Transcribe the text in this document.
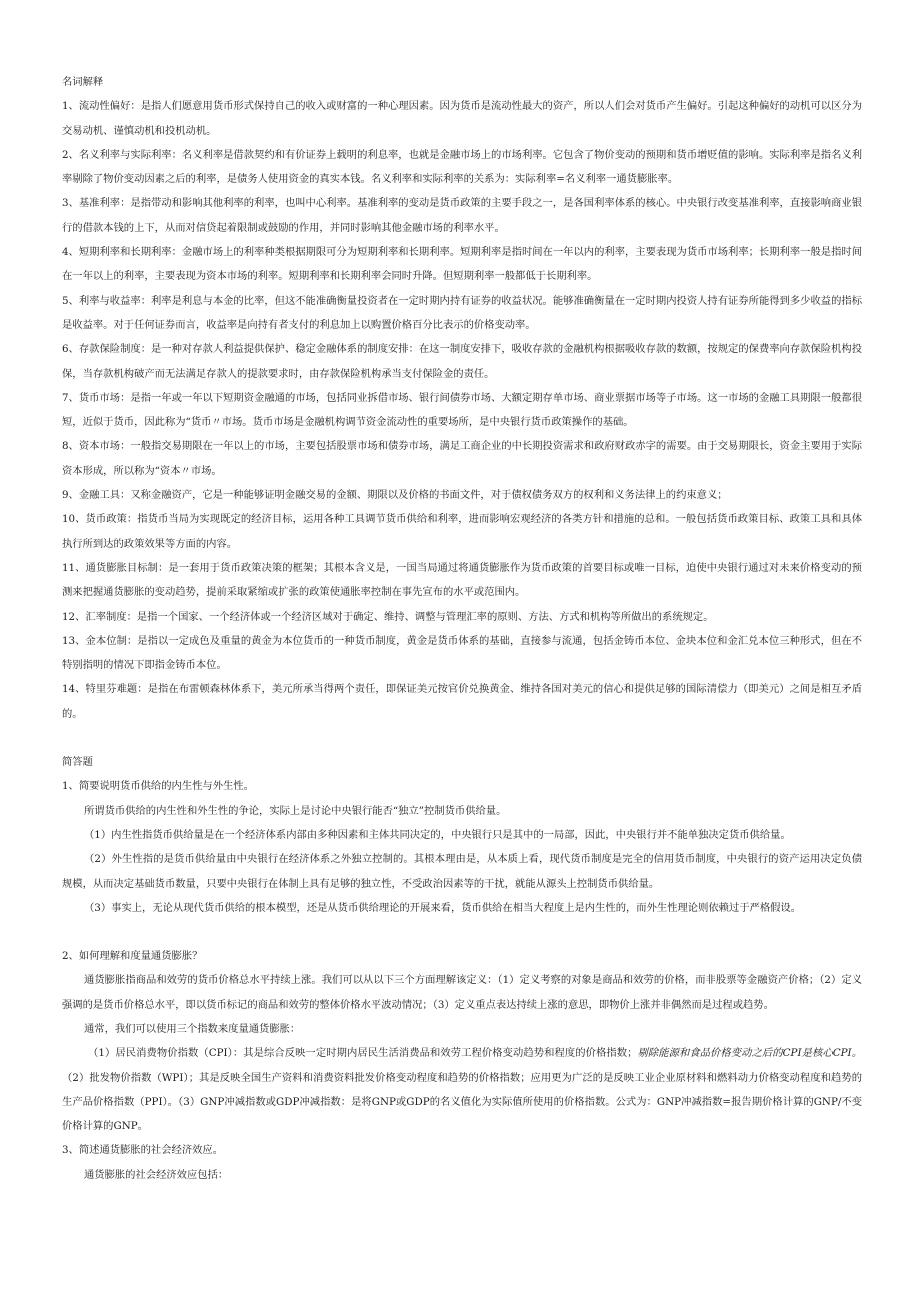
名词解释

1、流动性偏好：是指人们愿意用货币形式保持自己的收入或财富的一种心理因素。因为货币是流动性最大的资产，所以人们会对货币产生偏好。引起这种偏好的动机可以区分为交易动机、谨慎动机和投机动机。

2、名义利率与实际利率：名义利率是借款契约和有价证券上载明的利息率，也就是金融市场上的市场利率。它包含了物价变动的预期和货币增贬值的影响。实际利率是指名义利率剔除了物价变动因素之后的利率，是债务人使用资金的真实本钱。名义利率和实际利率的关系为：实际利率=名义利率一通货膨胀率。

3、基准利率：是指带动和影响其他利率的利率，也叫中心利率。基准利率的变动是货币政策的主要手段之一，是各国利率体系的核心。中央银行改变基准利率，直接影响商业银行的借款本钱的上下，从而对信贷起着限制或鼓励的作用，并同时影响其他金融市场的利率水平。

4、短期利率和长期利率：金融市场上的利率种类根据期限可分为短期利率和长期利率。短期利率是指时间在一年以内的利率，主要表现为货币市场利率；长期利率一般是指时间在一年以上的利率，主要表现为资本市场的利率。短期利率和长期利率会同时升降。但短期利率一般都低于长期利率。

5、利率与收益率：利率是利息与本金的比率，但这不能准确衡量投资者在一定时期内持有证券的收益状况。能够准确衡量在一定时期内投资人持有证券所能得到多少收益的指标是收益率。对于任何证券而言，收益率是向持有者支付的利息加上以购置价格百分比表示的价格变动率。

6、存款保险制度：是一种对存款人利益提供保护、稳定金融体系的制度安排：在这一制度安排下，吸收存款的金融机构根据吸收存款的数额，按规定的保费率向存款保险机构投保，当存款机构破产而无法满足存款人的提款要求时，由存款保险机构承当支付保险金的责任。

7、货币市场：是指一年或一年以下短期资金融通的市场，包括同业拆借市场、银行间债券市场、大额定期存单市场、商业票据市场等子市场。这一市场的金融工具期限一般都很短，近似于货币，因此称为“货币〃市场。货币市场是金融机构调节资金流动性的重要场所，是中央银行货币政策操作的基础。

8、资本市场：一般指交易期限在一年以上的市场，主要包括股票市场和债券市场，满足工商企业的中长期投资需求和政府财政赤字的需要。由于交易期限长，资金主要用于实际资本形成，所以称为“资本〃市场。

9、金融工具：又称金融资产，它是一种能够证明金融交易的金额、期限以及价格的书面文件，对于债权债务双方的权利和义务法律上的约束意义；

10、货币政策：指货币当局为实现既定的经济目标，运用各种工具调节货币供给和利率，进而影响宏观经济的各类方针和措施的总和。一般包括货币政策目标、政策工具和具体执行所到达的政策效果等方面的内容。

11、通货膨胀目标制：是一套用于货币政策决策的框架；其根本含义是，一国当局通过将通货膨胀作为货币政策的首要目标或唯一目标，迫使中央银行通过对未来价格变动的预测来把握通货膨胀的变动趋势，提前采取紧缩或扩张的政策使通胀率控制在事先宣布的水平或范围内。

12、汇率制度：是指一个国家、一个经济体或一个经济区域对于确定、维持、调整与管理汇率的原则、方法、方式和机构等所做出的系统规定。

13、金本位制：是指以一定成色及重量的黄金为本位货币的一种货币制度，黄金是货币体系的基础，直接参与流通，包括金铸币本位、金块本位和金汇兑本位三种形式，但在不特别指明的情况下即指金铸币本位。

14、特里芬难题：是指在布雷顿森林体系下，美元所承当得两个责任，即保证美元按官价兑换黄金、维持各国对美元的信心和提供足够的国际清偿力（即美元）之间是相互矛盾的。

简答题

1、简要说明货币供给的内生性与外生性。

所谓货币供给的内生性和外生性的争论，实际上是讨论中央银行能否“独立”控制货币供给量。

（1）内生性指货币供给量是在一个经济体系内部由多种因素和主体共同决定的，中央银行只是其中的一局部，因此，中央银行并不能单独决定货币供给量。

（2）外生性指的是货币供给量由中央银行在经济体系之外独立控制的。其根本理由是，从本质上看，现代货币制度是完全的信用货币制度，中央银行的资产运用决定负债规模，从而决定基础货币数量，只要中央银行在体制上具有足够的独立性，不受政治因素等的干扰，就能从源头上控制货币供给量。

（3）事实上，无论从现代货币供给的根本模型，还是从货币供给理论的开展来看，货币供给在相当大程度上是内生性的，而外生性理论则依赖过于严格假设。

2、如何理解和度量通货膨胀？

通货膨胀指商品和效劳的货币价格总水平持续上涨。我们可以从以下三个方面理解该定义：（1）定义考察的对象是商品和效劳的价格，而非股票等金融资产价格；（2）定义强调的是货币价格总水平，即以货币标记的商品和效劳的整体价格水平波动情况；（3）定义重点表达持续上涨的意思，即物价上涨并非偶然而是过程或趋势。

通常，我们可以使用三个指数来度量通货膨胀：

（1）居民消费物价指数（CPI）：其是综合反映一定时期内居民生活消费品和效劳工程价格变动趋势和程度的价格指数；剔除能源和食品价格变动之后的CPI是核心CPI。（2）批发物价指数（WPI）；其是反映全国生产资料和消费资料批发价格变动程度和趋势的价格指数；应用更为广泛的是反映工业企业原材料和燃料动力价格变动程度和趋势的生产品价格指数（PPI）。（3）GNP冲减指数或GDP冲减指数：是将GNP或GDP的名义值化为实际值所使用的价格指数。公式为：GNP冲减指数=报告期价格计算的GNP/不变价格计算的GNP。

3、简述通货膨胀的社会经济效应。

通货膨胀的社会经济效应包括：
